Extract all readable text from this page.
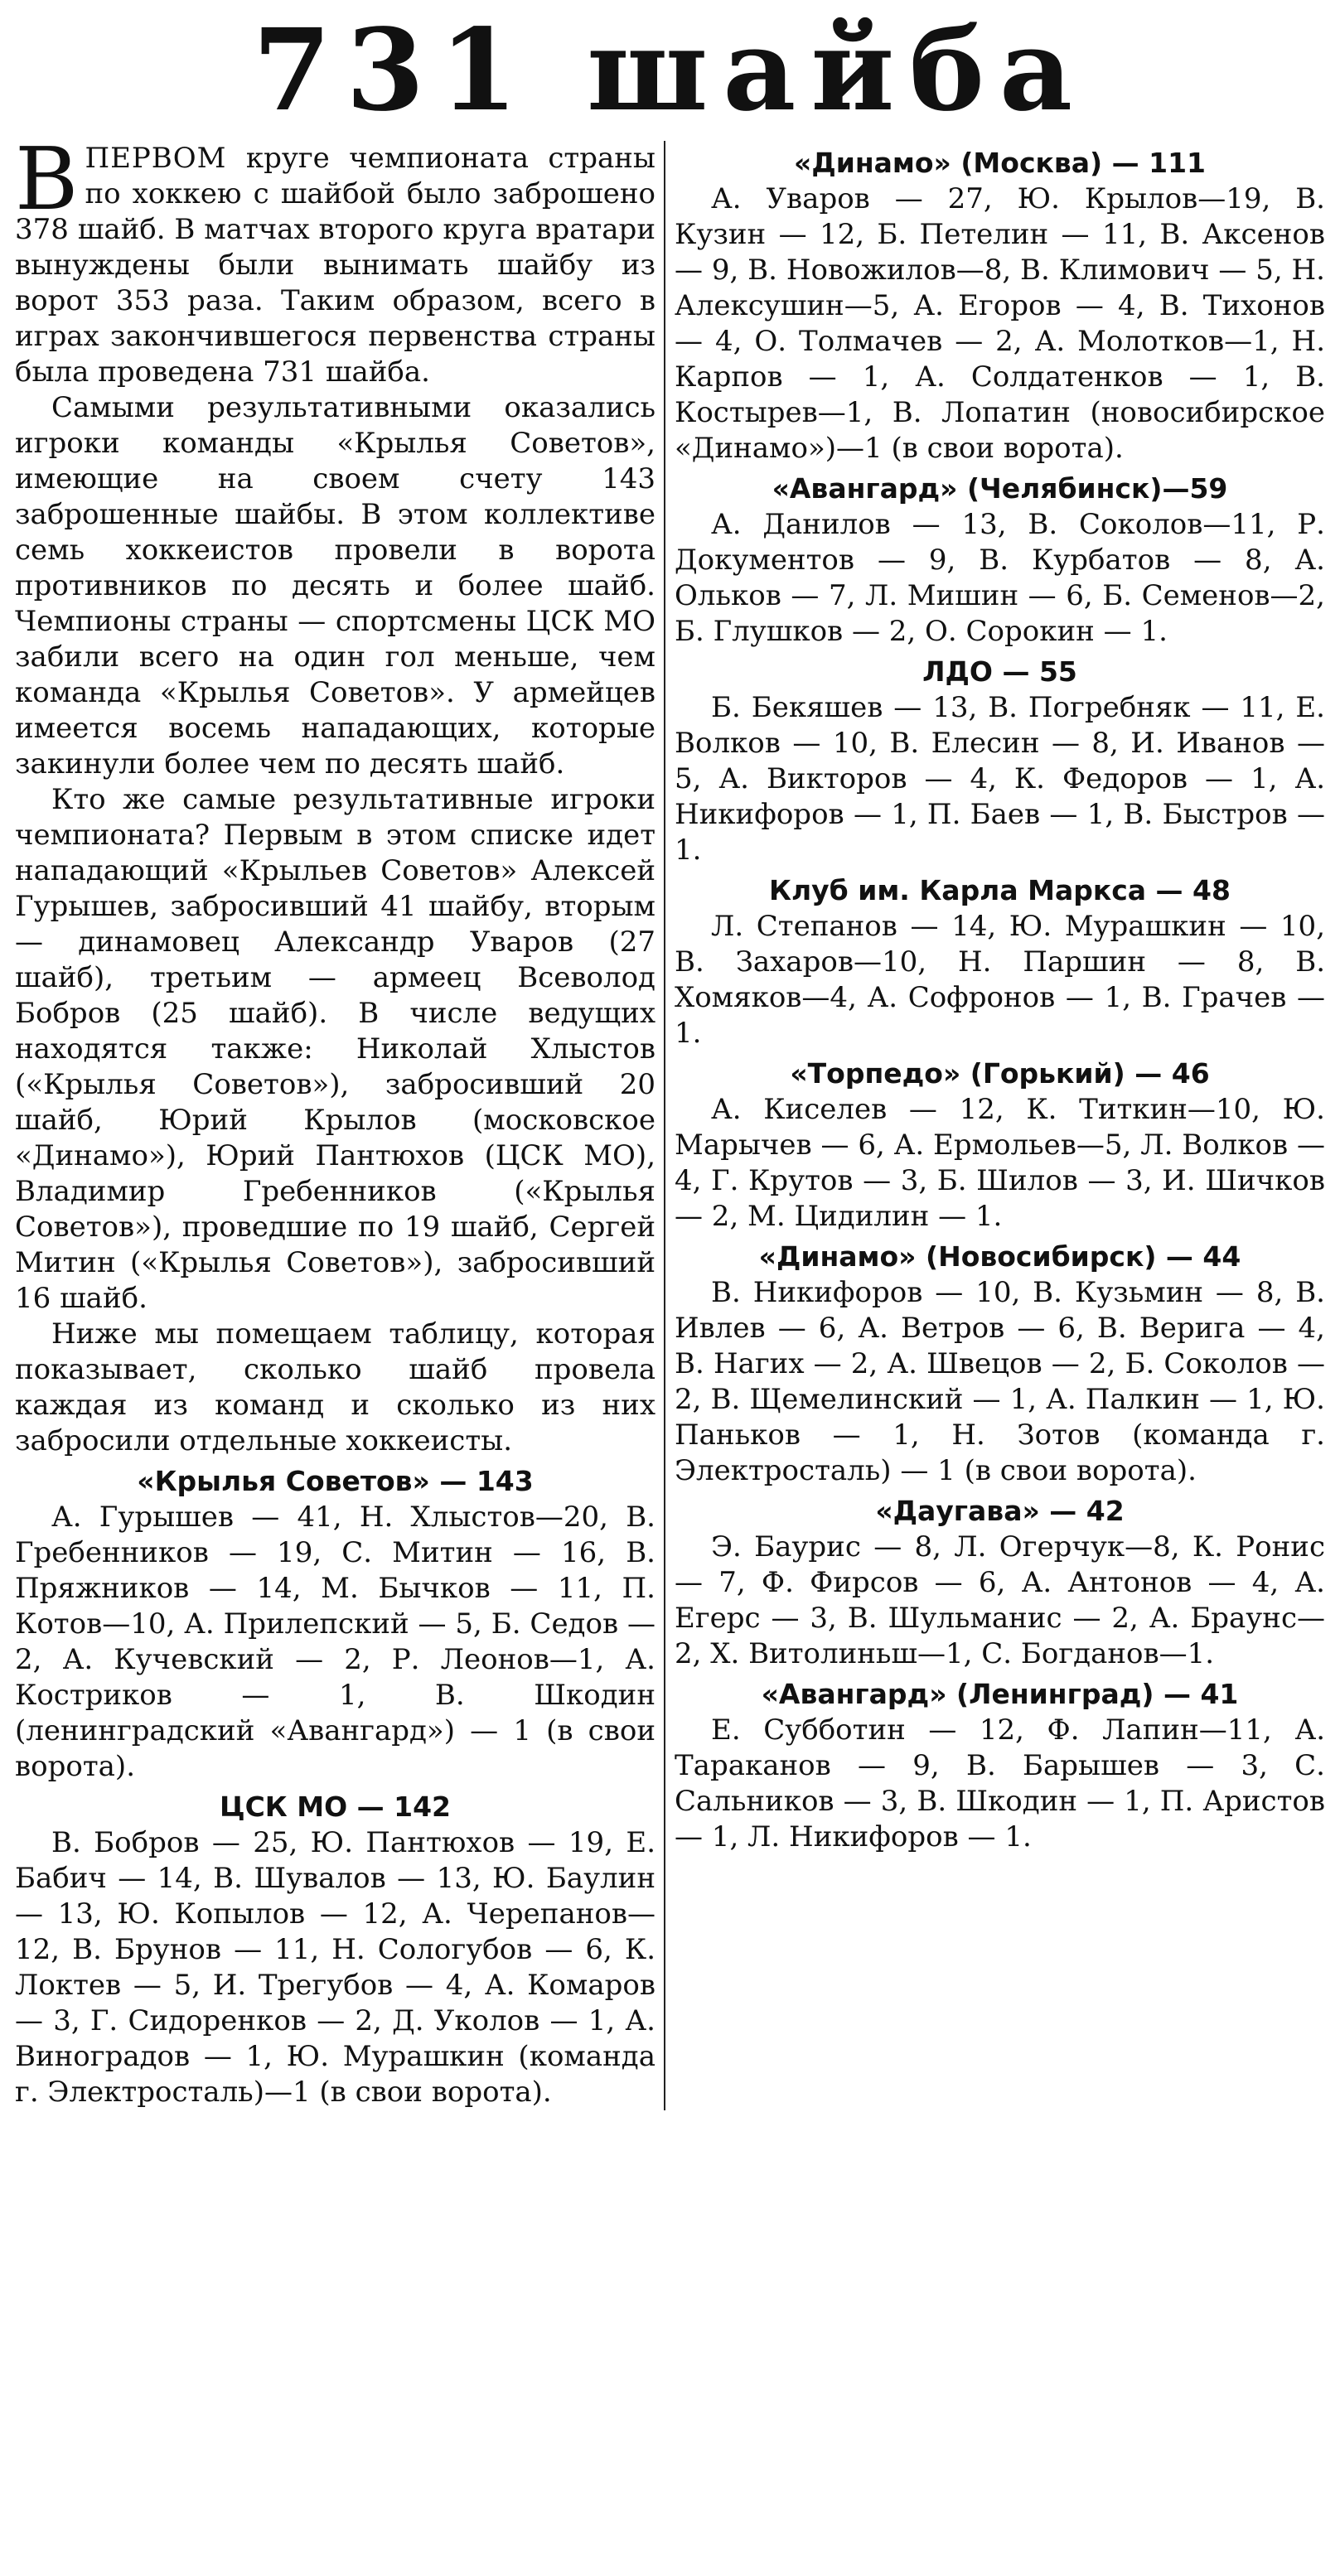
731 шайба

ВПЕРВОМ круге чемпионата страны по хоккею с шайбой было заброшено 378 шайб. В матчах второго круга вратари вынуждены были вынимать шайбу из ворот 353 раза. Таким образом, всего в играх закончившегося первенства страны была проведена 731 шайба.

Самыми результативными оказались игроки команды «Крылья Советов», имеющие на своем счету 143 заброшенные шайбы. В этом коллективе семь хоккеистов провели в ворота противников по десять и более шайб. Чемпионы страны — спортсмены ЦСК МО забили всего на один гол меньше, чем команда «Крылья Советов». У армейцев имеется восемь нападающих, которые закинули более чем по десять шайб.

Кто же самые результативные игроки чемпионата? Первым в этом списке идет нападающий «Крыльев Советов» Алексей Гурышев, забросивший 41 шайбу, вторым — динамовец Александр Уваров (27 шайб), третьим — армеец Всеволод Бобров (25 шайб). В числе ведущих находятся также: Николай Хлыстов («Крылья Советов»), забросивший 20 шайб, Юрий Крылов (московское «Динамо»), Юрий Пантюхов (ЦСК МО), Владимир Гребенников («Крылья Советов»), проведшие по 19 шайб, Сергей Митин («Крылья Советов»), забросивший 16 шайб.

Ниже мы помещаем таблицу, которая показывает, сколько шайб провела каждая из команд и сколько из них забросили отдельные хоккеисты.

«Крылья Советов» — 143

А. Гурышев — 41, Н. Хлыстов—20, В. Гребенников — 19, С. Митин — 16, В. Пряжников — 14, М. Бычков — 11, П. Котов—10, А. Прилепский — 5, Б. Седов — 2, А. Кучевский — 2, Р. Леонов—1, А. Костриков — 1, В. Шкодин (ленинградский «Авангард») — 1 (в свои ворота).

ЦСК МО — 142

В. Бобров — 25, Ю. Пантюхов — 19, Е. Бабич — 14, В. Шувалов — 13, Ю. Баулин — 13, Ю. Копылов — 12, А. Черепанов—12, В. Брунов — 11, Н. Сологубов — 6, К. Локтев — 5, И. Трегубов — 4, А. Комаров — 3, Г. Сидоренков — 2, Д. Уколов — 1, А. Виноградов — 1, Ю. Мурашкин (команда г. Электросталь)—1 (в свои ворота).

«Динамо» (Москва) — 111

А. Уваров — 27, Ю. Крылов—19, В. Кузин — 12, Б. Петелин — 11, В. Аксенов — 9, В. Новожилов—8, В. Климович — 5, Н. Алексушин—5, А. Егоров — 4, В. Тихонов — 4, О. Толмачев — 2, А. Молотков—1, Н. Карпов — 1, А. Солдатенков — 1, В. Костырев—1, В. Лопатин (новосибирское «Динамо»)—1 (в свои ворота).

«Авангард» (Челябинск)—59

А. Данилов — 13, В. Соколов—11, Р. Документов — 9, В. Курбатов — 8, А. Ольков — 7, Л. Мишин — 6, Б. Семенов—2, Б. Глушков — 2, О. Сорокин — 1.

ЛДО — 55

Б. Бекяшев — 13, В. Погребняк — 11, Е. Волков — 10, В. Елесин — 8, И. Иванов — 5, А. Викторов — 4, К. Федоров — 1, А. Никифоров — 1, П. Баев — 1, В. Быстров — 1.

Клуб им. Карла Маркса — 48

Л. Степанов — 14, Ю. Мурашкин — 10, В. Захаров—10, Н. Паршин — 8, В. Хомяков—4, А. Софронов — 1, В. Грачев — 1.

«Торпедо» (Горький) — 46

А. Киселев — 12, К. Титкин—10, Ю. Марычев — 6, А. Ермольев—5, Л. Волков — 4, Г. Крутов — 3, Б. Шилов — 3, И. Шичков — 2, М. Цидилин — 1.

«Динамо» (Новосибирск) — 44

В. Никифоров — 10, В. Кузьмин — 8, В. Ивлев — 6, А. Ветров — 6, В. Верига — 4, В. Нагих — 2, А. Швецов — 2, Б. Соколов — 2, В. Щемелинский — 1, А. Палкин — 1, Ю. Паньков — 1, Н. Зотов (команда г. Электросталь) — 1 (в свои ворота).

«Даугава» — 42

Э. Баурис — 8, Л. Огерчук—8, К. Ронис — 7, Ф. Фирсов — 6, А. Антонов — 4, А. Егерс — 3, В. Шульманис — 2, А. Браунс—2, Х. Витолиньш—1, С. Богданов—1.

«Авангард» (Ленинград) — 41

Е. Субботин — 12, Ф. Лапин—11, А. Тараканов — 9, В. Барышев — 3, С. Сальников — 3, В. Шкодин — 1, П. Аристов — 1, Л. Никифоров — 1.
